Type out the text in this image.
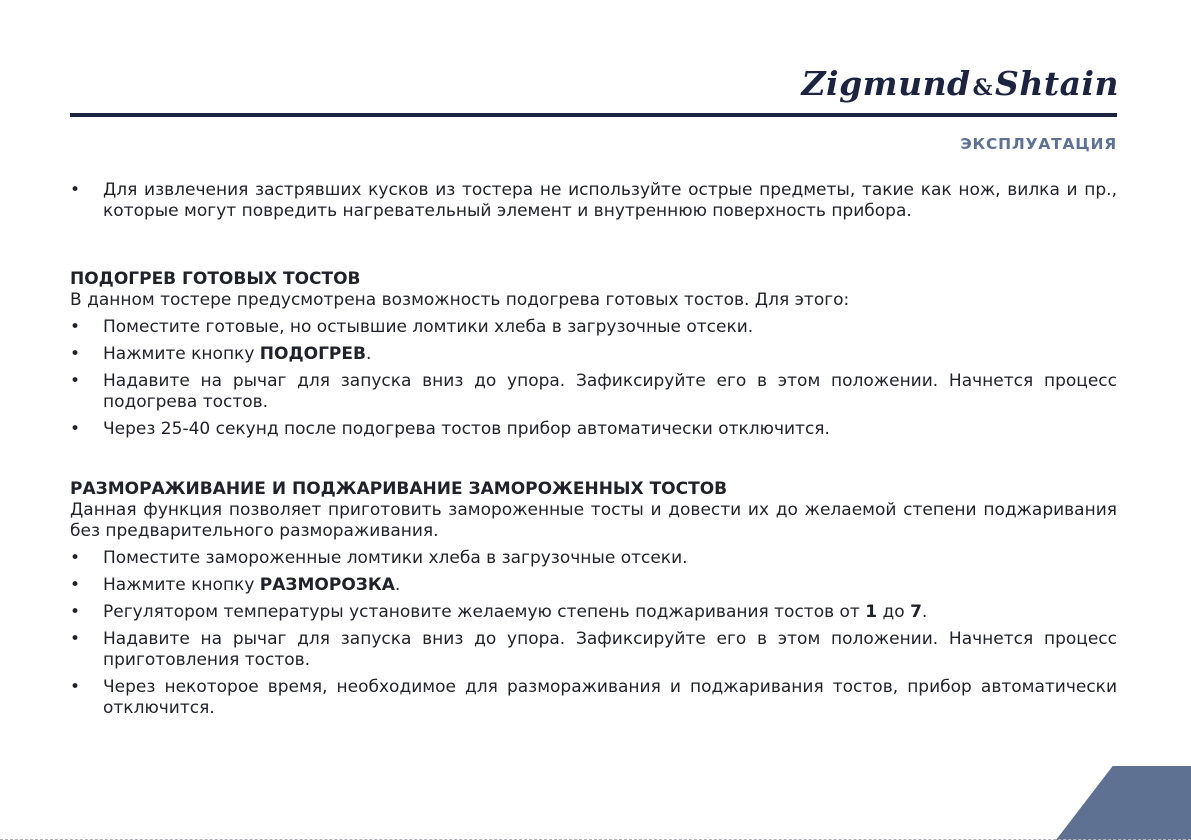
Zigmund&Shtain
ЭКСПЛУАТАЦИЯ
• Для извлечения застрявших кусков из тостера не используйте острые предметы, такие как нож, вилка и пр., которые могут повредить нагревательный элемент и внутреннюю поверхность прибора.

ПОДОГРЕВ ГОТОВЫХ ТОСТОВ

В данном тостере предусмотрена возможность подогрева готовых тостов. Для этого:

• Поместите готовые, но остывшие ломтики хлеба в загрузочные отсеки.
• Нажмите кнопку ПОДОГРЕВ.
• Надавите на рычаг для запуска вниз до упора. Зафиксируйте его в этом положении. Начнется процесс подогрева тостов.
• Через 25-40 секунд после подогрева тостов прибор автоматически отключится.

РАЗМОРАЖИВАНИЕ И ПОДЖАРИВАНИЕ ЗАМОРОЖЕННЫХ ТОСТОВ

Данная функция позволяет приготовить замороженные тосты и довести их до желаемой степени поджаривания без предварительного размораживания.

• Поместите замороженные ломтики хлеба в загрузочные отсеки.
• Нажмите кнопку РАЗМОРОЗКА.
• Регулятором температуры установите желаемую степень поджаривания тостов от 1 до 7.
• Надавите на рычаг для запуска вниз до упора. Зафиксируйте его в этом положении. Начнется процесс приготовления тостов.
• Через некоторое время, необходимое для размораживания и поджаривания тостов, прибор автоматически отключится.
